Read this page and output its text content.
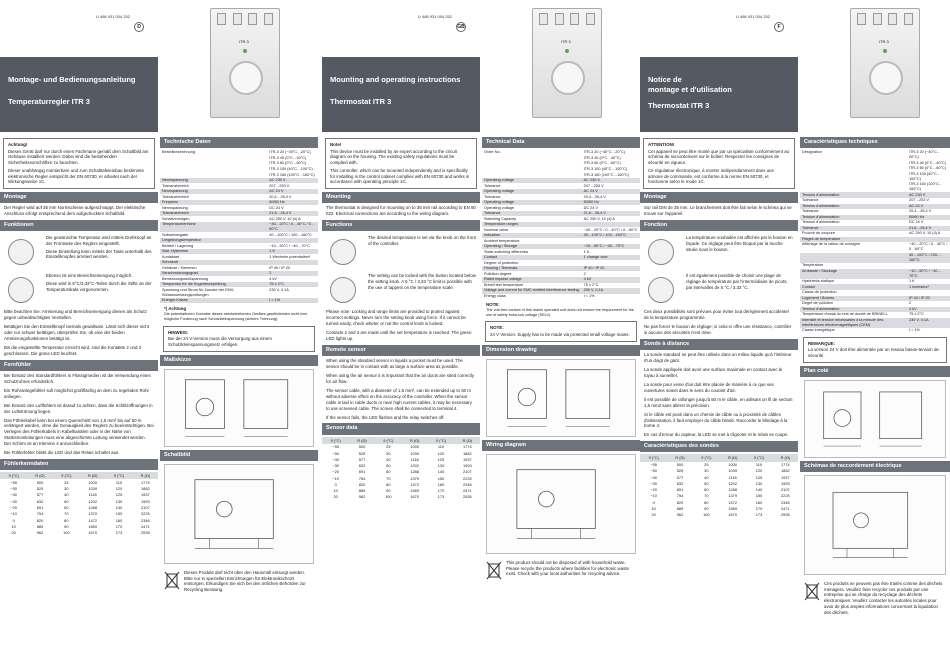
U 468 931 004 252
D
Montage- und Bedienungsanleitung
Temperaturregler ITR 3
Achtung!
Dieses Gerät darf nur durch einen Fachmann gemäß dem Schaltbild am Gehäuse installiert werden. Dabei sind die bestehenden Sicherheitsvorschriften zu beachten.
Dieser unabhängig montierbare und zum Schalttafeleinbau bestimmte elektronische Regler entspricht der EN 60730, er arbeitet nach der Wirkungsweise 1C.
Montage

Der Regler wird auf 35 mm Normschiene aufgeschnappt. Der elektrische Anschluss erfolgt entsprechend dem aufgedruckten Schaltbild.

Funktionen

Die gewünschte Temperatur wird mittels Drehknopf an der Frontseite des Reglers eingestellt.

Diese Einstellung kann mittels der Taste unterhalb des Einstellknopfes arretiert werden.

Ebenso ist eine Bereichseinengung möglich.

Diese wird in 5°C/3,33°C-Teilen durch die Stifte an der Temperaturskala vorgenommen.

Bitte beachten Sie: Arretierung und Bereichseinengung dienen als Schutz gegen unbeabsichtigtes Verstellen.

Betätigen Sie den Einstellknopf niemals gewaltsam. Lässt sich dieser nicht oder nur schwer betätigen, überprüfen Sie, ob eine der beiden Arretierungsfunktionen betätigt ist.

Bis die eingestellte Temperatur erreicht wird, sind die Kontakte 2 und 3 geschlossen. Die grüne LED leuchtet.

Fernfühler

Bei Einsatz des Standardfühlers in Flüssigmedien ist die Verwendung eines Schutzrohres erforderlich.

Ein Rohranlegefühler soll möglichst großflächig an dem zu regelnden Rohr anliegen.

Bei Einsatz des Luftfühlers ist darauf zu achten, dass die Schlitzöffnungen in der Luftströmung liegen.

Das Fühlerkabel kann bei einem Querschnitt von 1,5 mm² bis auf 50 m verlängert werden, ohne die Genauigkeit des Reglers zu beeinträchtigen. Bei Verlegen des Fühlerkabels in Kabelkanälen oder in der Nähe von Starkstromleitungen muss eine abgeschirmte Leitung verwendet werden. Der Schirm ist an Klemme 4 anzuschließen.

Bei Fühlerfehler blinkt die LED und das Relais schaltet aus.

Fühlerkenndaten
ϑ (°C)	R (Ω)	ϑ (°C)	R (Ω)	ϑ (°C)	R (Ω)
−55	500	25	1000	110	1774
−50	525	30	1039	120	1882
−40	577	40	1118	125	1937
−30	632	50	1202	130	1993
−20	691	60	1288	140	2107
−10	754	70	1379	150	2225
0	820	80	1472	160	2346
10	889	90	1569	170	2471
20	962	100	1670	173	2535
ITR 3
Technische Daten
Bestellbezeichnung	ITR-3 20 (−40°C…20°C)
	ITR-3 40 (0°C…40°C)
	ITR-3 60 (0°C…60°C)
	ITR-3 100 (40°C…100°C)
	ITR-3 160 (100°C…160°C)
Nennspannung	AC 230 V
Toleranzbereich	207…253 V
Nennspannung	AC 24 V
Toleranzbereich	20,4…26,4 V
Frequenz	50/60 Hz
Nennspannung	DC 24 V
Toleranzbereich	21,6…26,4 V
Schaltvermögen	AC 250 V, 10 (4) A
Temperaturbereiche	−40…20°C / 0…40°C / 0…60°C
Sollwertangabe	40…100°C / 100…160°C
Umgebungstemperatur	
Betrieb / Lagerung	−10…50°C / −40…70°C
Stat. Hysterese	1 K
Kontaktart	1 Wechsler potentialfrei*
Schutzart	
Gehäuse / Klemmen	IP 40 / IP 20
Verschmutzungsgrad	2
Bemessungsstoßspannung	4 kV
Temperatur für die Kugeldruckprüfung	75 ± 2°C
Spannung und Strom für Zwecke der EMV-Störaussendungsprüfungen	230 V, 0,1A
Energie-Klasse	I = 1%

*) Achtung

Die potentialfreien Kontakte dieses netzbetriebenen Gerätes gewährleisten nicht eine mögliche Forderung nach Schutzkleinspannung (sichere Trennung).

HINWEIS:
Bei der 24 V-Version muss die Versorgung aus einem Schutzkleinspannungsnetz erfolgen.
Maßskizze
Schaltbild
Dieses Produkt darf nicht über den Hausmüll entsorgt werden. Bitte nur in speziellen Einrichtungen für Elektronikschrott entsorgen. Erkundigen Sie sich bei den örtlichen Behörden zur Recycling Beratung.
U 468 931 004 252
GB
Mounting and operating instructions
Thermostat ITR 3
Note!
This device must be installed by an expert according to the circuit diagram on the housing. The existing safety regulations must be complied with.
This controller, which can be mounted independently and is specifically for installing in the control cabinet complies with EN 60730 and works in accordance with operating principle 1C.
Mounting

The thermostat is designed for mounting on to 35 mm rail according to EN 50 022. Electrical connections are according to the wiring diagram.

Functions

The desired temperature is set via the knob on the front of the controller.

The setting can be locked with the button located below the setting knob. A 5 °C / 3,33 °C limit is possible with the use of tappets on the temperature scale.

Please note: Locking and range limits are provided to protect against incorrect settings. Never turn the setting knob using force. If it cannot be turned easily, check wheter or not the control knob is locked.

Contacts 2 and 3 are made until the set temperature is reached. The green LED lights up.

Remote sensor

When using the standard sensor in liquids a pocket must be used. The sensor should be in contact with as large a surface area as possible.

When using the air sensor it is important that the air ducts are sited correctly for air flow.

The sensor cable, with a diameter of 1.5 mm², can be extended up to 50 m without adverse effect on the accuracy of the controller. When the sensor cable is laid in cable ducts or near high current cables, it may be necessary to use screened cable. The screen shall be connected to terminal 4.

If the sensor fails, the LED flashes and the relay switches off.

Sensor data
ϑ (°C)	R (Ω)	ϑ (°C)	R (Ω)	ϑ (°C)	R (Ω)
−55	500	25	1000	110	1774
−50	525	30	1039	120	1882
−40	577	40	1118	125	1937
−30	632	50	1202	130	1993
−20	691	60	1288	140	2107
−10	754	70	1379	150	2225
0	820	80	1472	160	2346
10	889	90	1569	170	2471
20	962	100	1670	173	2535
ITR 3
Technical Data
Order No.	ITR-3 20 (−40°C…20°C)
	ITR-3 40 (0°C…40°C)
	ITR-3 60 (0°C…60°C)
	ITR-3 100 (40°C…100°C)
	ITR-3 160 (100°C…160°C)
Operating voltage	AC 230 V
Tolerance	207…253 V
Operating voltage	AC 24 V
Tolerance	20,4…26,4 V
Operating voltage	50/60 Hz
Operating voltage	DC 24 V
Tolerance	21,6…26,4 V
Switching Capacity	AC 250 V, 10 (4) A
Temperature ranges	
Nominal value	−40…20°C / 0…40°C / 0…60°C
indication	40…100°C / 100…160°C
Ambient temperature	
Operating / Storage	−10…50°C / −40…70°C
Static switching differentia	1 K
Contact	1 change over
Degree of protection	
Housing / Terminals	IP 40 / IP 20
Pollution degree	2
Rated impulse voltage	4 kV
Brinell test temperature	75 ± 2°C
Voltage and current for EMC emitted interference testing	230 V, 0,1A
Energy class	I = 1%

NOTE:

The volt-free contact of this mains operated unit does not ensure the requirement for the use of safety extra-low voltage (SELV).

NOTE:
24 V Version. Supply has to be made via protected small voltage mains.
Dimension drawing
Wiring diagram
This product should not be disposed of with household waste. Please recycle the products where facilities for electronic waste exist. Check with your local authorities for recycling advice.
U 468 931 004 252
F
Notice de
montage et d'utilisation
Thermostat ITR 3
ATTENTION!
Cet appareil ne peut être monté que par un spécialiste conformément au schéma de raccordement sur le boîtier. Respecter les consignes de sécurité en vigueur.
Ce régulateur électronique, à monter indépendamment dans une armoire de commande, est conforme à la norme EN 60730, et fonctionne selon le mode 1C.
Montage

Sur rail DIN de 35 mm. Le branchement doit être fait selon le schéma qui se trouve sur l'appareil.

Fonction

La température souhaitée est affichée par le bouton en façade. Ce réglage peut être bloqué par la touche située sous le bouton.

Il est également possible de choisir une plage de réglage de température par l'intermédiaire de picots, par intervalles de 5 °C / 3,33 °C.

Ces deux possibilités sont prévues pour éviter tout dérèglement accidentel de la température programmée.

Ne pas forcer le bouton de réglage; si celui-ci offre une résistance, contrôler si aucune des sécurités n'est mise.

Sonde à distance

La sonde standard ne peut être utilisée dans un milieu liquide qu'à l'intérieur d'un doigt de gant.

La sonde appliquée doit avoir une surface maximale en contact avec le tuyau à surveiller.

La sonde pour veine d'air doit être placée de manière à ce que ses ouvertures soient dans le sens du courant d'air.

Il est possible de rallonger jusqu'à 50 m le câble, en utilisant un fil de section 1,5 mm2 sans altérer la précision.

Si le câble est posé dans un chemin de câble ou à proximité de câbles d'alimentation, il faut employer du câble blindé. Raccorder le blindage à la borne 4.

En cas d'erreur du capteur, la LED se met à clignoter et le relais se coupe.

Caractéristiques des sondes
ϑ (°C)	R (Ω)	ϑ (°C)	R (Ω)	ϑ (°C)	R (Ω)
−55	500	25	1000	110	1774
−50	525	30	1039	120	1882
−40	577	40	1118	125	1937
−30	632	50	1202	130	1993
−20	691	60	1288	140	2107
−10	754	70	1379	150	2225
0	820	80	1472	160	2346
10	889	90	1569	170	2471
20	962	100	1670	173	2535
ITR 3
Caractéristiques techniques
Désignation	ITR-3 20 (−40°C…20°C)
	ITR-3 40 (0°C…40°C)
	ITR-3 60 (0°C…60°C)
	ITR-3 100 (40°C…100°C)
	ITR-3 160 (100°C…160°C)
Tension d'alimentation	AC 230 V
Tolérance	207…253 V
Tension d'alimentation	AC 24 V
Tolérance	20,4…26,4 V
Tension d'alimentation	50/60 Hz
Tension d'alimentation	DC 24 V
Tolérance	21,6…26,4 V
Pouvoir de coupure	AC 250 V, 10 (4) A
Plages de température	
Affichage de la valeur de consigne	−40…20°C / 0…40°C / 0…60°C
	40…100°C / 100…160°C
Température	
Ambiante / Stockage	−10…50°C / −40…70°C
Hystérésis statique	1 K
Contact	1 inverseur*
Classe de protection	
Logement / Bornes	IP 40 / IP 20
Degré de pollution	2
Tension d'alimentation	4 kV
Température d'essai du test de dureté de BRINELL	75 ± 2°C
Intensité et tension nécessaires à la mesure des interférences électromagnétiques (CEM)	230 V, 0,1A
Classe énergétique	I = 1%
REMARQUE:
La version 24 V doit être alimentée par un reseau basse-tension de sécurité.
Plan coté
Schémas de raccordement électrique
Ces produits ne peuvent pas être traités comme des déchets ménagers. Veuillez faire recycler ces produits par une entreprise qui se charge du recyclage des déchets électroniques. Veuillez contacter les autorités locales pour avoir de plus amples informations concernant la liquidation des déchets.
